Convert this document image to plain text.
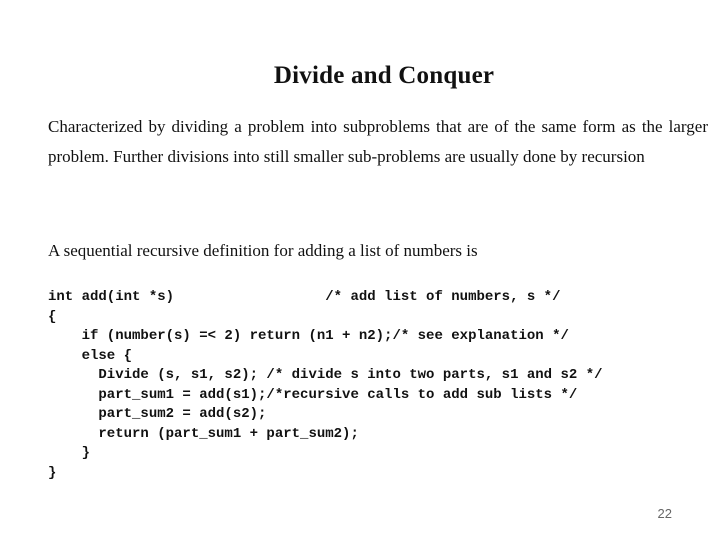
Divide and Conquer

Characterized by dividing a problem into subproblems that are of the same form as the larger problem. Further divisions into still smaller sub-problems are usually done by recursion

A sequential recursive definition for adding a list of numbers is

int add(int *s)                  /* add list of numbers, s */
{
if (number(s) =< 2) return (n1 + n2);/* see explanation */
else {
Divide (s, s1, s2); /* divide s into two parts, s1 and s2 */
part_sum1 = add(s1);/*recursive calls to add sub lists */
part_sum2 = add(s2);
return (part_sum1 + part_sum2);
}
}
22
